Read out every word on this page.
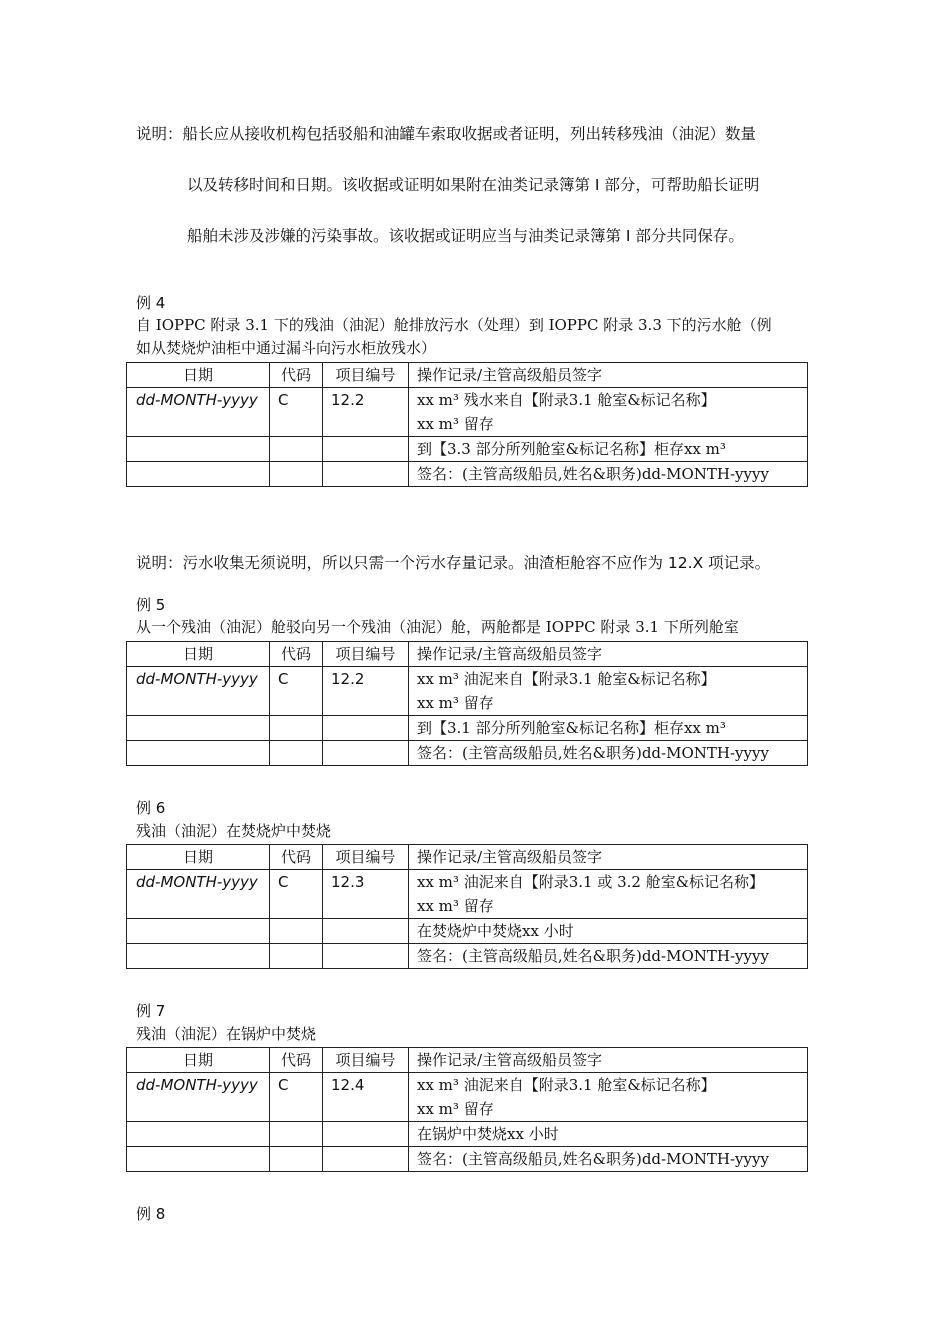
说明：船长应从接收机构包括驳船和油罐车索取收据或者证明，列出转移残油（油泥）数量
以及转移时间和日期。该收据或证明如果附在油类记录簿第 I 部分，可帮助船长证明
船舶未涉及涉嫌的污染事故。该收据或证明应当与油类记录簿第 I 部分共同保存。
例 4
自 IOPPC 附录 3.1 下的残油（油泥）舱排放污水（处理）到 IOPPC 附录 3.3 下的污水舱（例
如从焚烧炉油柜中通过漏斗向污水柜放残水）
日期	代码	项目编号	操作记录/主管高级船员签字
dd-MONTH-yyyy	C	12.2	xx m³ 残水来自【附录3.1 舱室&标记名称】
xx m³ 留存

			到【3.3 部分所列舱室&标记名称】柜存xx m³
			签名：(主管高级船员,姓名&职务)dd-MONTH-yyyy
说明：污水收集无须说明，所以只需一个污水存量记录。油渣柜舱容不应作为 12.X 项记录。
例 5
从一个残油（油泥）舱驳向另一个残油（油泥）舱，两舱都是 IOPPC 附录 3.1 下所列舱室
日期	代码	项目编号	操作记录/主管高级船员签字
dd-MONTH-yyyy	C	12.2	xx m³ 油泥来自【附录3.1 舱室&标记名称】
xx m³ 留存

			到【3.1 部分所列舱室&标记名称】柜存xx m³
			签名：(主管高级船员,姓名&职务)dd-MONTH-yyyy
例 6
残油（油泥）在焚烧炉中焚烧
日期	代码	项目编号	操作记录/主管高级船员签字
dd-MONTH-yyyy	C	12.3	xx m³ 油泥来自【附录3.1 或 3.2 舱室&标记名称】
xx m³ 留存

			在焚烧炉中焚烧xx 小时
			签名：(主管高级船员,姓名&职务)dd-MONTH-yyyy
例 7
残油（油泥）在锅炉中焚烧
日期	代码	项目编号	操作记录/主管高级船员签字
dd-MONTH-yyyy	C	12.4	xx m³ 油泥来自【附录3.1 舱室&标记名称】
xx m³ 留存

			在锅炉中焚烧xx 小时
			签名：(主管高级船员,姓名&职务)dd-MONTH-yyyy
例 8
